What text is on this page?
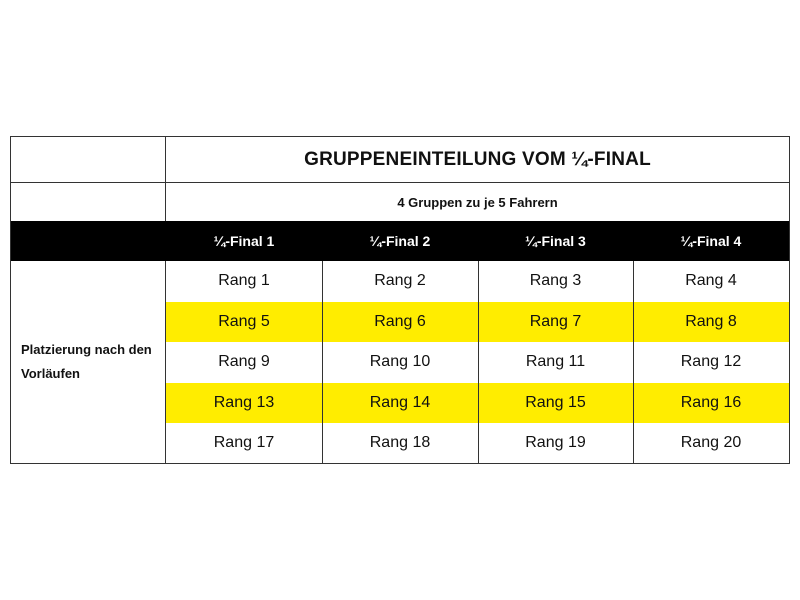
GRUPPENEINTEILUNG VOM ¼-FINAL
4 Gruppen zu je 5 Fahrern
¼-Final 1	¼-Final 2	¼-Final 3	¼-Final 4
Platzierung nach den Vorläufen
Rang 1	Rang 2	Rang 3	Rang 4
Rang 5	Rang 6	Rang 7	Rang 8
Rang 9	Rang 10	Rang 11	Rang 12
Rang 13	Rang 14	Rang 15	Rang 16
Rang 17	Rang 18	Rang 19	Rang 20
